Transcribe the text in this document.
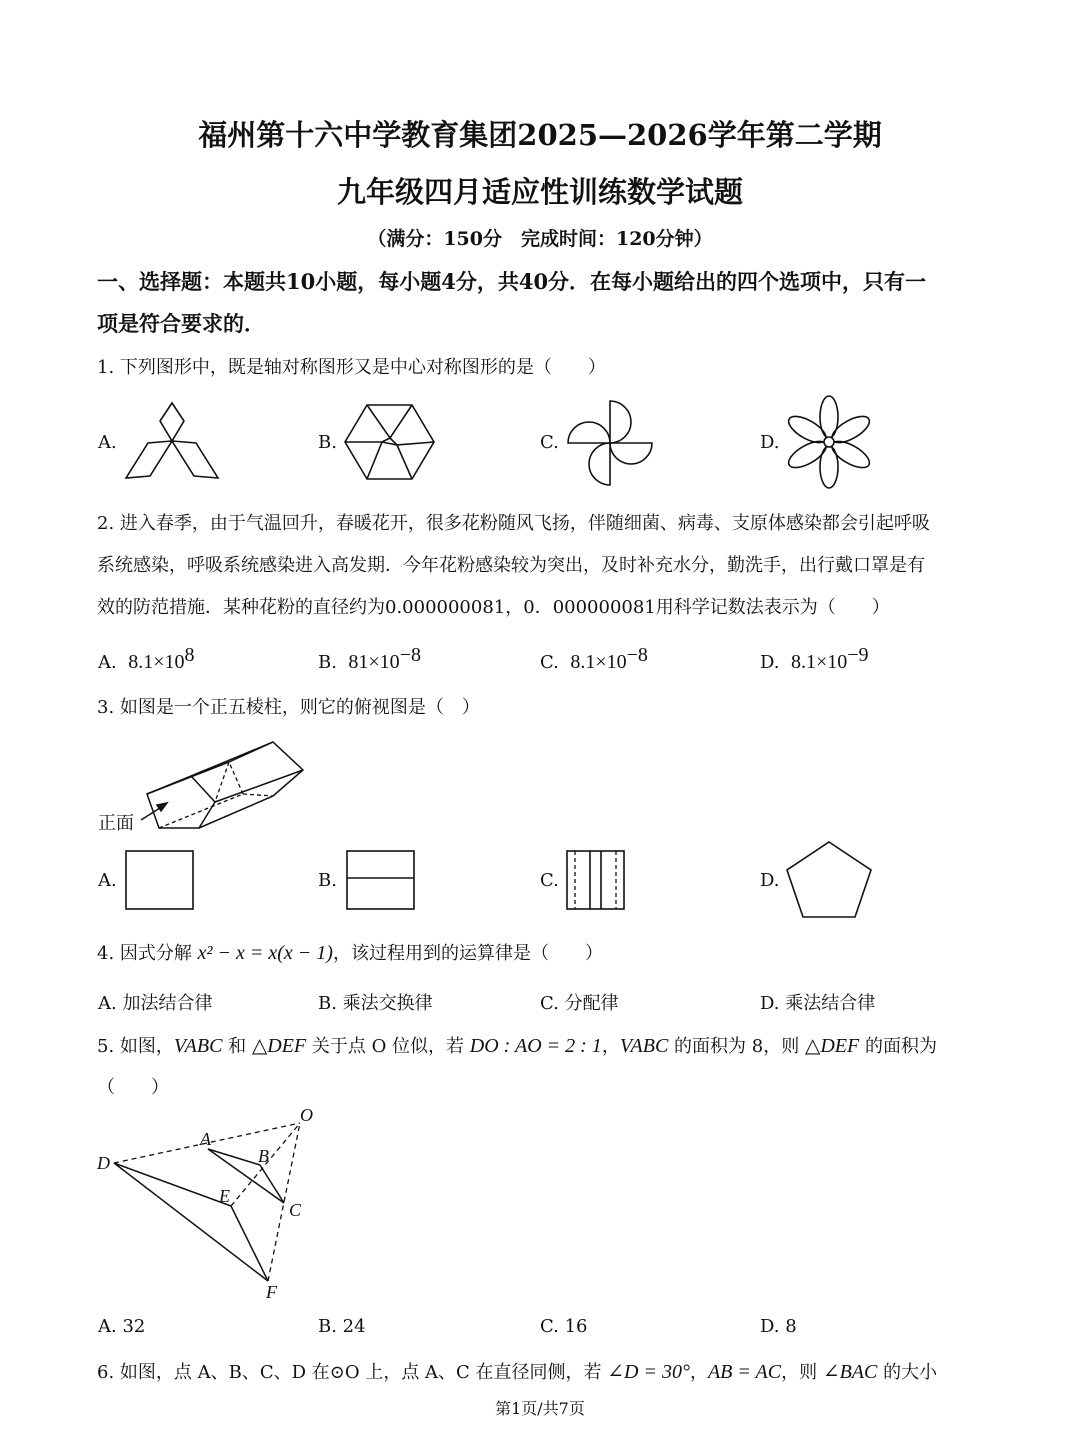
福州第十六中学教育集团2025—2026学年第二学期
九年级四月适应性训练数学试题
（满分：150分　完成时间：120分钟）
一、选择题：本题共10小题，每小题4分，共40分．在每小题给出的四个选项中，只有一
项是符合要求的．
1. 下列图形中，既是轴对称图形又是中心对称图形的是（　　）
A.	B.	C.	D.
2. 进入春季，由于气温回升，春暖花开，很多花粉随风飞扬，伴随细菌、病毒、支原体感染都会引起呼吸
系统感染，呼吸系统感染进入高发期．今年花粉感染较为突出，及时补充水分，勤洗手，出行戴口罩是有
效的防范措施．某种花粉的直径约为0.000000081，0．000000081用科学记数法表示为（　　）
A. $8.1\times 10^8$	B. $81\times 10^{-8}$	C. $8.1\times 10^{-8}$	D. $8.1\times 10^{-9}$
3. 如图是一个正五棱柱，则它的俯视图是（　）
正面
A.	B.	C.	D.
4. 因式分解 x² − x = x(x − 1)，该过程用到的运算律是（　　）
A. 加法结合律	B. 乘法交换律	C. 分配律	D. 乘法结合律
5. 如图，VABC 和 △DEF 关于点 O 位似，若 DO : AO = 2 : 1，VABC 的面积为 8，则 △DEF 的面积为
（　　）
O
A
B
D
E
C
F
A. 32	B. 24	C. 16	D. 8
6. 如图，点 A、B、C、D 在⊙O 上，点 A、C 在直径同侧，若 ∠D = 30°，AB = AC，则 ∠BAC 的大小
第1页/共7页
